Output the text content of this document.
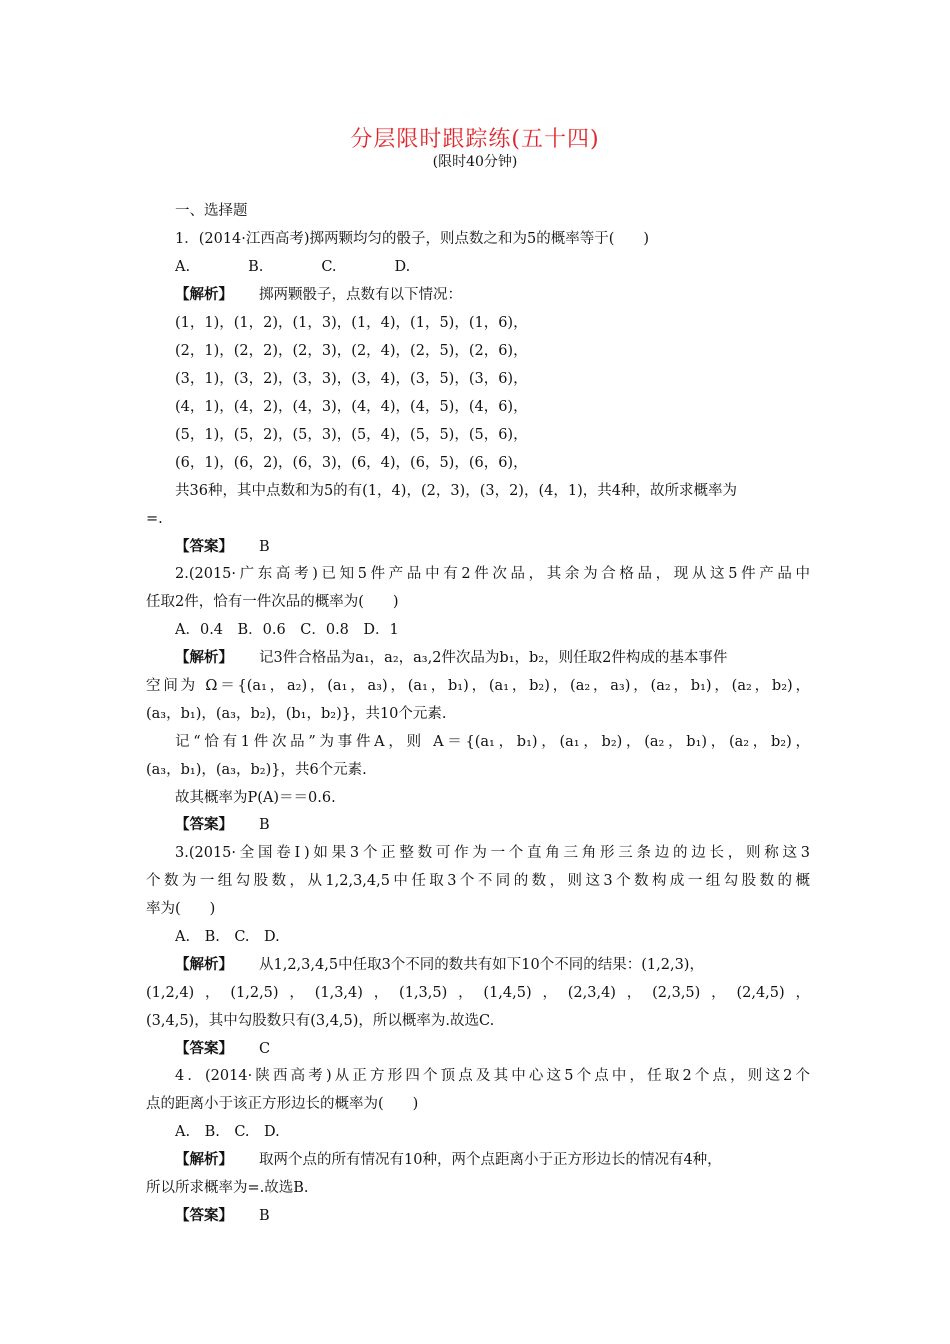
分层限时跟踪练(五十四)
(限时40分钟)
一、选择题
1．(2014·江西高考)掷两颗均匀的骰子，则点数之和为5的概率等于(　　)
A.　　　　B.　　　　C.　　　　D.
【解析】 掷两颗骰子，点数有以下情况：
(1，1)，(1，2)，(1，3)，(1，4)，(1，5)，(1，6)，
(2，1)，(2，2)，(2，3)，(2，4)，(2，5)，(2，6)，
(3，1)，(3，2)，(3，3)，(3，4)，(3，5)，(3，6)，
(4，1)，(4，2)，(4，3)，(4，4)，(4，5)，(4，6)，
(5，1)，(5，2)，(5，3)，(5，4)，(5，5)，(5，6)，
(6，1)，(6，2)，(6，3)，(6，4)，(6，5)，(6，6)，
共36种，其中点数和为5的有(1，4)，(2，3)，(3，2)，(4，1)，共4种，故所求概率为
=.
【答案】 B
2.(2015·广东高考)已知5件产品中有2件次品，其余为合格品，现从这5件产品中
任取2件，恰有一件次品的概率为(　　)
A．0.4　B．0.6　C．0.8　D．1
【解析】 记3件合格品为a₁，a₂，a₃,2件次品为b₁，b₂，则任取2件构成的基本事件
空间为 Ω＝{(a₁，a₂)，(a₁，a₃)，(a₁，b₁)，(a₁，b₂)，(a₂，a₃)，(a₂，b₁)，(a₂，b₂)，
(a₃，b₁)，(a₃，b₂)，(b₁，b₂)}，共10个元素.
记“恰有1件次品”为事件A，则 A＝{(a₁，b₁)，(a₁，b₂)，(a₂，b₁)，(a₂，b₂)，
(a₃，b₁)，(a₃，b₂)}，共6个元素.
故其概率为P(A)＝＝0.6.
【答案】 B
3.(2015·全国卷Ⅰ)如果3个正整数可作为一个直角三角形三条边的边长，则称这3
个数为一组勾股数，从1,2,3,4,5中任取3个不同的数，则这3个数构成一组勾股数的概
率为(　　)
A.　B.　C.　D.
【解析】 从1,2,3,4,5中任取3个不同的数共有如下10个不同的结果：(1,2,3)，
(1,2,4)，(1,2,5)，(1,3,4)，(1,3,5)，(1,4,5)，(2,3,4)，(2,3,5)，(2,4,5)，
(3,4,5)，其中勾股数只有(3,4,5)，所以概率为.故选C.
【答案】 C
4．(2014·陕西高考)从正方形四个顶点及其中心这5个点中，任取2个点，则这2个
点的距离小于该正方形边长的概率为(　　)
A.　B.　C.　D.
【解析】 取两个点的所有情况有10种，两个点距离小于正方形边长的情况有4种，
所以所求概率为=.故选B.
【答案】 B
